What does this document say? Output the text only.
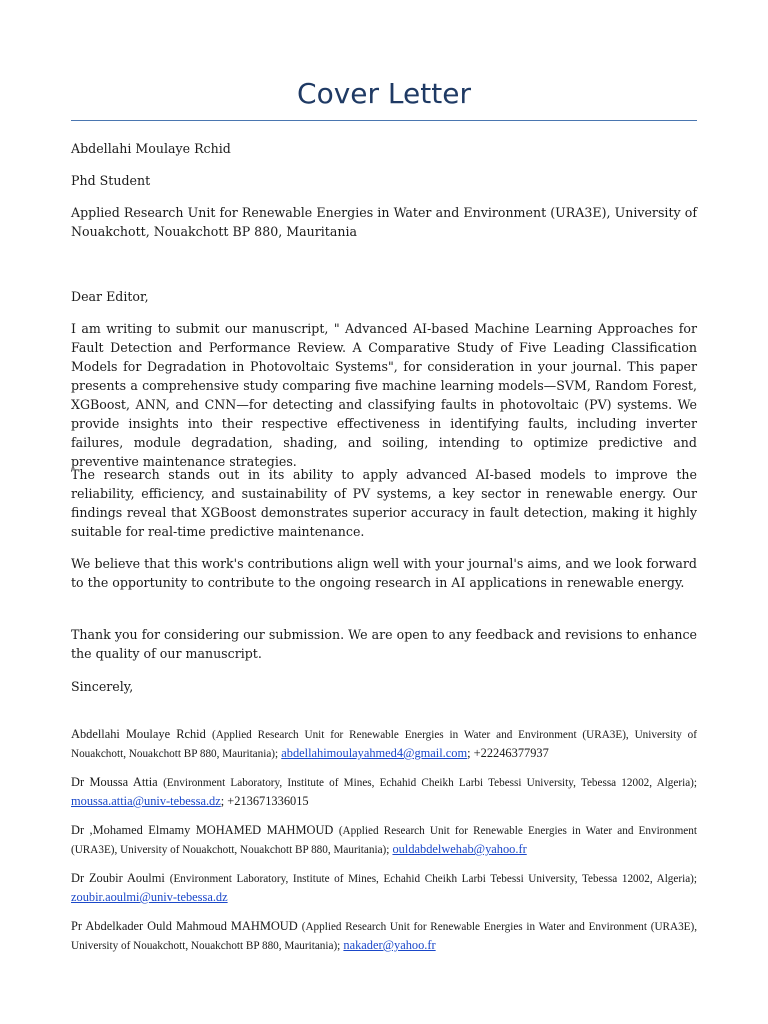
Cover Letter

Abdellahi Moulaye Rchid

Phd Student

Applied Research Unit for Renewable Energies in Water and Environment (URA3E), University of Nouakchott, Nouakchott BP 880, Mauritania

Dear Editor,

I am writing to submit our manuscript, " Advanced AI-based Machine Learning Approaches for Fault Detection and Performance Review. A Comparative Study of Five Leading Classification Models for Degradation in Photovoltaic Systems", for consideration in your journal. This paper presents a comprehensive study comparing five machine learning models—SVM, Random Forest, XGBoost, ANN, and CNN—for detecting and classifying faults in photovoltaic (PV) systems. We provide insights into their respective effectiveness in identifying faults, including inverter failures, module degradation, shading, and soiling, intending to optimize predictive and preventive maintenance strategies.

The research stands out in its ability to apply advanced AI-based models to improve the reliability, efficiency, and sustainability of PV systems, a key sector in renewable energy. Our findings reveal that XGBoost demonstrates superior accuracy in fault detection, making it highly suitable for real-time predictive maintenance.

We believe that this work's contributions align well with your journal's aims, and we look forward to the opportunity to contribute to the ongoing research in AI applications in renewable energy.

Thank you for considering our submission. We are open to any feedback and revisions to enhance the quality of our manuscript.

Sincerely,

Abdellahi Moulaye Rchid (Applied Research Unit for Renewable Energies in Water and Environment (URA3E), University of Nouakchott, Nouakchott BP 880, Mauritania); abdellahimoulayahmed4@gmail.com; +22246377937

Dr Moussa Attia (Environment Laboratory, Institute of Mines, Echahid Cheikh Larbi Tebessi University, Tebessa 12002, Algeria); moussa.attia@univ-tebessa.dz; +213671336015

Dr ,Mohamed Elmamy MOHAMED MAHMOUD (Applied Research Unit for Renewable Energies in Water and Environment (URA3E), University of Nouakchott, Nouakchott BP 880, Mauritania); ouldabdelwehab@yahoo.fr

Dr Zoubir Aoulmi (Environment Laboratory, Institute of Mines, Echahid Cheikh Larbi Tebessi University, Tebessa 12002, Algeria); zoubir.aoulmi@univ-tebessa.dz

Pr Abdelkader Ould Mahmoud MAHMOUD (Applied Research Unit for Renewable Energies in Water and Environment (URA3E), University of Nouakchott, Nouakchott BP 880, Mauritania); nakader@yahoo.fr
